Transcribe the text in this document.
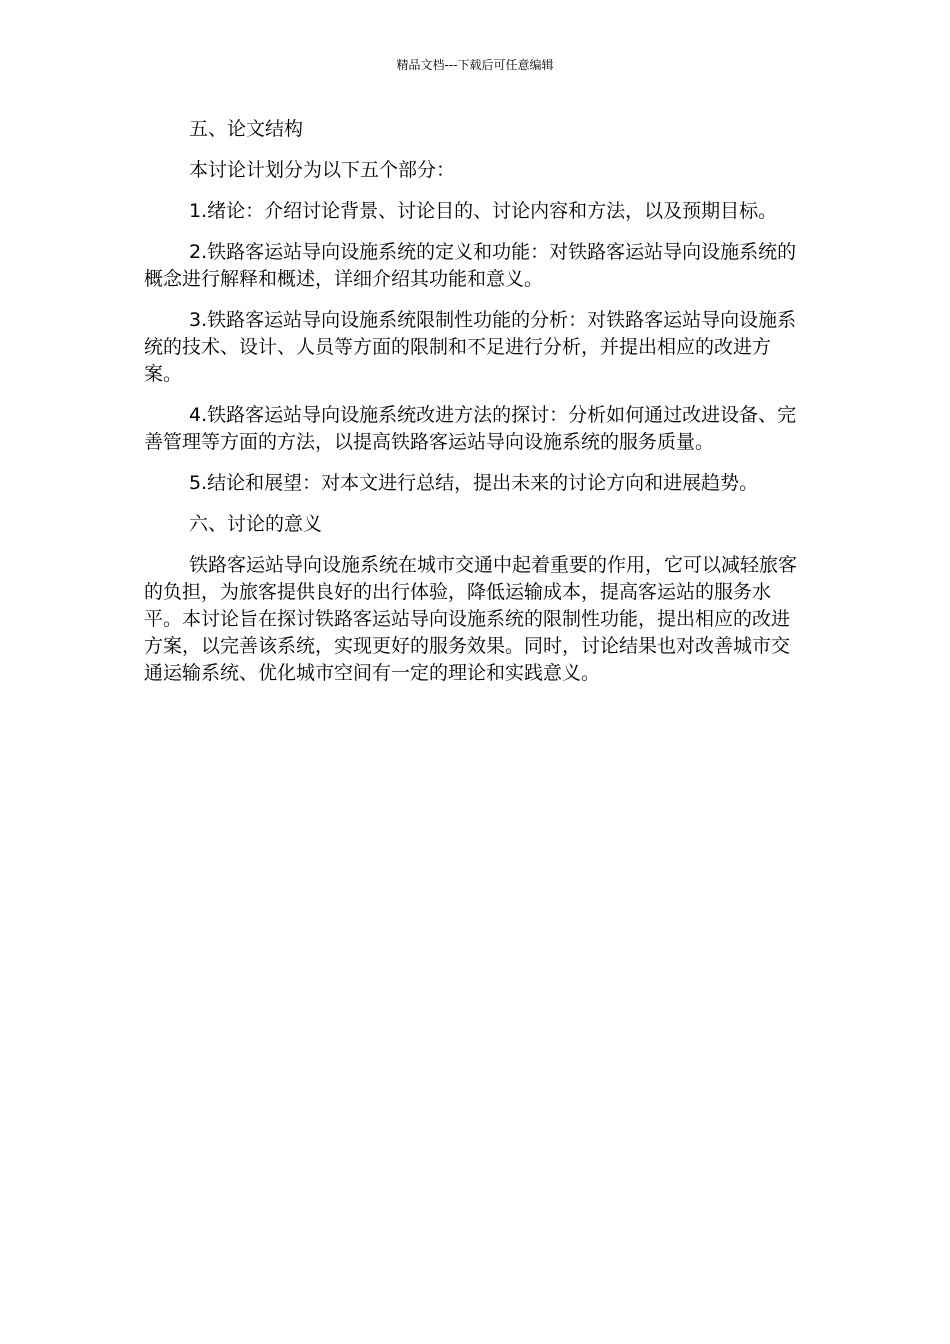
精品文档---下载后可任意编辑

五、论文结构

本讨论计划分为以下五个部分：

1.绪论：介绍讨论背景、讨论目的、讨论内容和方法，以及预期目标。

2.铁路客运站导向设施系统的定义和功能：对铁路客运站导向设施系统的概念进行解释和概述，详细介绍其功能和意义。

3.铁路客运站导向设施系统限制性功能的分析：对铁路客运站导向设施系统的技术、设计、人员等方面的限制和不足进行分析，并提出相应的改进方案。

4.铁路客运站导向设施系统改进方法的探讨：分析如何通过改进设备、完善管理等方面的方法，以提高铁路客运站导向设施系统的服务质量。

5.结论和展望：对本文进行总结，提出未来的讨论方向和进展趋势。

六、讨论的意义

铁路客运站导向设施系统在城市交通中起着重要的作用，它可以减轻旅客的负担，为旅客提供良好的出行体验，降低运输成本，提高客运站的服务水平。本讨论旨在探讨铁路客运站导向设施系统的限制性功能，提出相应的改进方案，以完善该系统，实现更好的服务效果。同时，讨论结果也对改善城市交通运输系统、优化城市空间有一定的理论和实践意义。
